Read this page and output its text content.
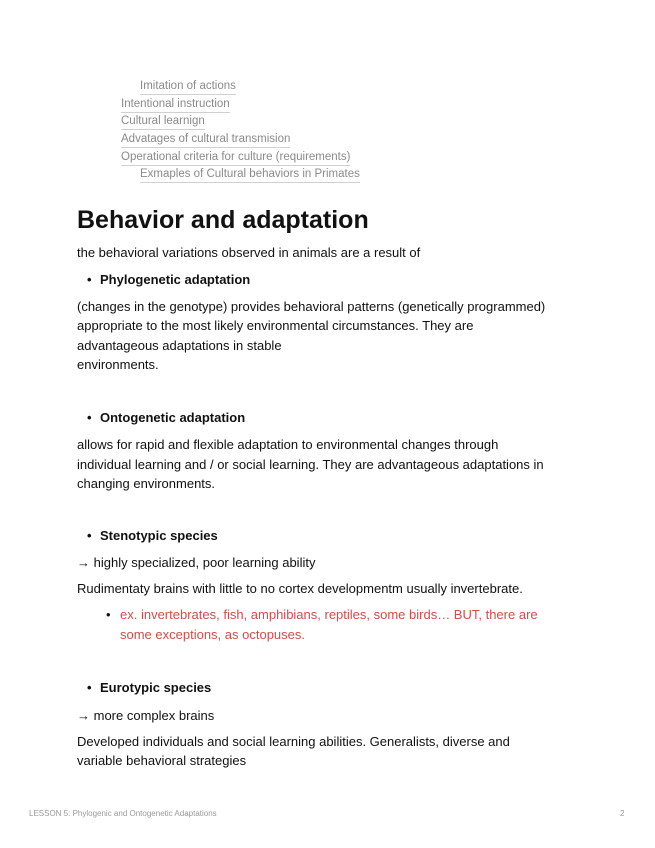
Imitation of actions
Intentional instruction
Cultural learnign
Advatages of cultural transmision
Operational criteria for culture (requirements)
Exmaples of Cultural behaviors in Primates
Behavior and adaptation

the behavioral variations observed in animals are a result of

• Phylogenetic adaptation

(changes in the genotype) provides behavioral patterns (genetically programmed)

appropriate to the most likely environmental circumstances. They are

advantageous adaptations in stable

environments.

• Ontogenetic adaptation

allows for rapid and flexible adaptation to environmental changes through

individual learning and / or social learning. They are advantageous adaptations in

changing environments.

• Stenotypic species

→ highly specialized, poor learning ability

Rudimentaty brains with little to no cortex developmentm usually invertebrate.

• ex. invertebrates, fish, amphibians, reptiles, some birds… BUT, there are
some exceptions, as octopuses.
• Eurotypic species

→ more complex brains

Developed individuals and social learning abilities. Generalists, diverse and

variable behavioral strategies

LESSON 5: Phylogenic and Ontogenetic Adaptations	2
